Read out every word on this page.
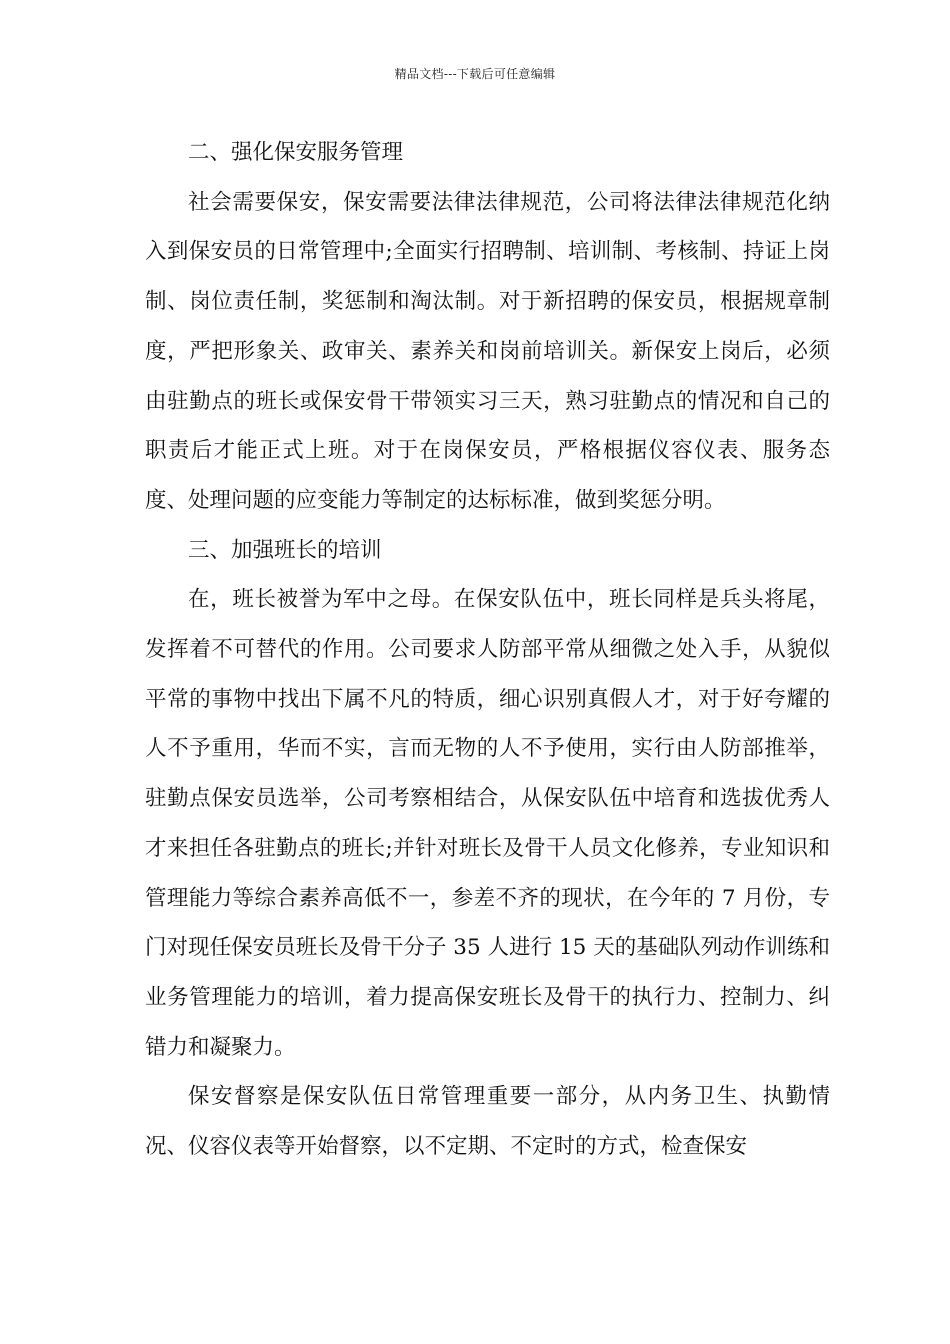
精品文档---下载后可任意编辑

二、强化保安服务管理

社会需要保安，保安需要法律法律规范，公司将法律法律规范化纳入到保安员的日常管理中;全面实行招聘制、培训制、考核制、持证上岗制、岗位责任制，奖惩制和淘汰制。对于新招聘的保安员，根据规章制度，严把形象关、政审关、素养关和岗前培训关。新保安上岗后，必须由驻勤点的班长或保安骨干带领实习三天，熟习驻勤点的情况和自己的职责后才能正式上班。对于在岗保安员，严格根据仪容仪表、服务态度、处理问题的应变能力等制定的达标标准，做到奖惩分明。

三、加强班长的培训

在，班长被誉为军中之母。在保安队伍中，班长同样是兵头将尾，发挥着不可替代的作用。公司要求人防部平常从细微之处入手，从貌似平常的事物中找出下属不凡的特质，细心识别真假人才，对于好夸耀的人不予重用，华而不实，言而无物的人不予使用，实行由人防部推举，驻勤点保安员选举，公司考察相结合，从保安队伍中培育和选拔优秀人才来担任各驻勤点的班长;并针对班长及骨干人员文化修养，专业知识和管理能力等综合素养高低不一，参差不齐的现状，在今年的 7 月份，专门对现任保安员班长及骨干分子 35 人进行 15 天的基础队列动作训练和业务管理能力的培训，着力提高保安班长及骨干的执行力、控制力、纠错力和凝聚力。

保安督察是保安队伍日常管理重要一部分，从内务卫生、执勤情况、仪容仪表等开始督察，以不定期、不定时的方式，检查保安
